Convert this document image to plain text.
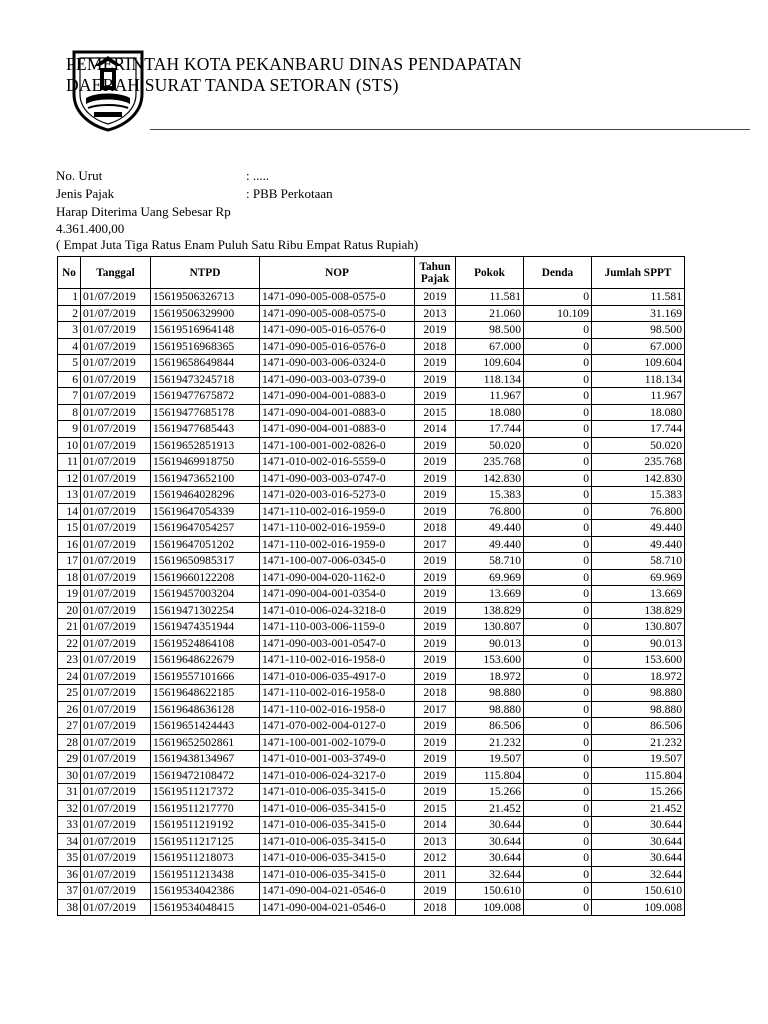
PEMERINTAH KOTA PEKANBARU DINAS PENDAPATAN
DAERAH SURAT TANDA SETORAN (STS)
No. Urut	: .....
Jenis Pajak	: PBB Perkotaan
Harap Diterima Uang Sebesar Rp
4.361.400,00
( Empat Juta Tiga Ratus Enam Puluh Satu Ribu Empat Ratus Rupiah)
No	Tanggal	NTPD	NOP	Tahun Pajak	Pokok	Denda	Jumlah SPPT
1	01/07/2019	15619506326713	1471-090-005-008-0575-0	2019	11.581	0	11.581
2	01/07/2019	15619506329900	1471-090-005-008-0575-0	2013	21.060	10.109	31.169
3	01/07/2019	15619516964148	1471-090-005-016-0576-0	2019	98.500	0	98.500
4	01/07/2019	15619516968365	1471-090-005-016-0576-0	2018	67.000	0	67.000
5	01/07/2019	15619658649844	1471-090-003-006-0324-0	2019	109.604	0	109.604
6	01/07/2019	15619473245718	1471-090-003-003-0739-0	2019	118.134	0	118.134
7	01/07/2019	15619477675872	1471-090-004-001-0883-0	2019	11.967	0	11.967
8	01/07/2019	15619477685178	1471-090-004-001-0883-0	2015	18.080	0	18.080
9	01/07/2019	15619477685443	1471-090-004-001-0883-0	2014	17.744	0	17.744
10	01/07/2019	15619652851913	1471-100-001-002-0826-0	2019	50.020	0	50.020
11	01/07/2019	15619469918750	1471-010-002-016-5559-0	2019	235.768	0	235.768
12	01/07/2019	15619473652100	1471-090-003-003-0747-0	2019	142.830	0	142.830
13	01/07/2019	15619464028296	1471-020-003-016-5273-0	2019	15.383	0	15.383
14	01/07/2019	15619647054339	1471-110-002-016-1959-0	2019	76.800	0	76.800
15	01/07/2019	15619647054257	1471-110-002-016-1959-0	2018	49.440	0	49.440
16	01/07/2019	15619647051202	1471-110-002-016-1959-0	2017	49.440	0	49.440
17	01/07/2019	15619650985317	1471-100-007-006-0345-0	2019	58.710	0	58.710
18	01/07/2019	15619660122208	1471-090-004-020-1162-0	2019	69.969	0	69.969
19	01/07/2019	15619457003204	1471-090-004-001-0354-0	2019	13.669	0	13.669
20	01/07/2019	15619471302254	1471-010-006-024-3218-0	2019	138.829	0	138.829
21	01/07/2019	15619474351944	1471-110-003-006-1159-0	2019	130.807	0	130.807
22	01/07/2019	15619524864108	1471-090-003-001-0547-0	2019	90.013	0	90.013
23	01/07/2019	15619648622679	1471-110-002-016-1958-0	2019	153.600	0	153.600
24	01/07/2019	15619557101666	1471-010-006-035-4917-0	2019	18.972	0	18.972
25	01/07/2019	15619648622185	1471-110-002-016-1958-0	2018	98.880	0	98.880
26	01/07/2019	15619648636128	1471-110-002-016-1958-0	2017	98.880	0	98.880
27	01/07/2019	15619651424443	1471-070-002-004-0127-0	2019	86.506	0	86.506
28	01/07/2019	15619652502861	1471-100-001-002-1079-0	2019	21.232	0	21.232
29	01/07/2019	15619438134967	1471-010-001-003-3749-0	2019	19.507	0	19.507
30	01/07/2019	15619472108472	1471-010-006-024-3217-0	2019	115.804	0	115.804
31	01/07/2019	15619511217372	1471-010-006-035-3415-0	2019	15.266	0	15.266
32	01/07/2019	15619511217770	1471-010-006-035-3415-0	2015	21.452	0	21.452
33	01/07/2019	15619511219192	1471-010-006-035-3415-0	2014	30.644	0	30.644
34	01/07/2019	15619511217125	1471-010-006-035-3415-0	2013	30.644	0	30.644
35	01/07/2019	15619511218073	1471-010-006-035-3415-0	2012	30.644	0	30.644
36	01/07/2019	15619511213438	1471-010-006-035-3415-0	2011	32.644	0	32.644
37	01/07/2019	15619534042386	1471-090-004-021-0546-0	2019	150.610	0	150.610
38	01/07/2019	15619534048415	1471-090-004-021-0546-0	2018	109.008	0	109.008
